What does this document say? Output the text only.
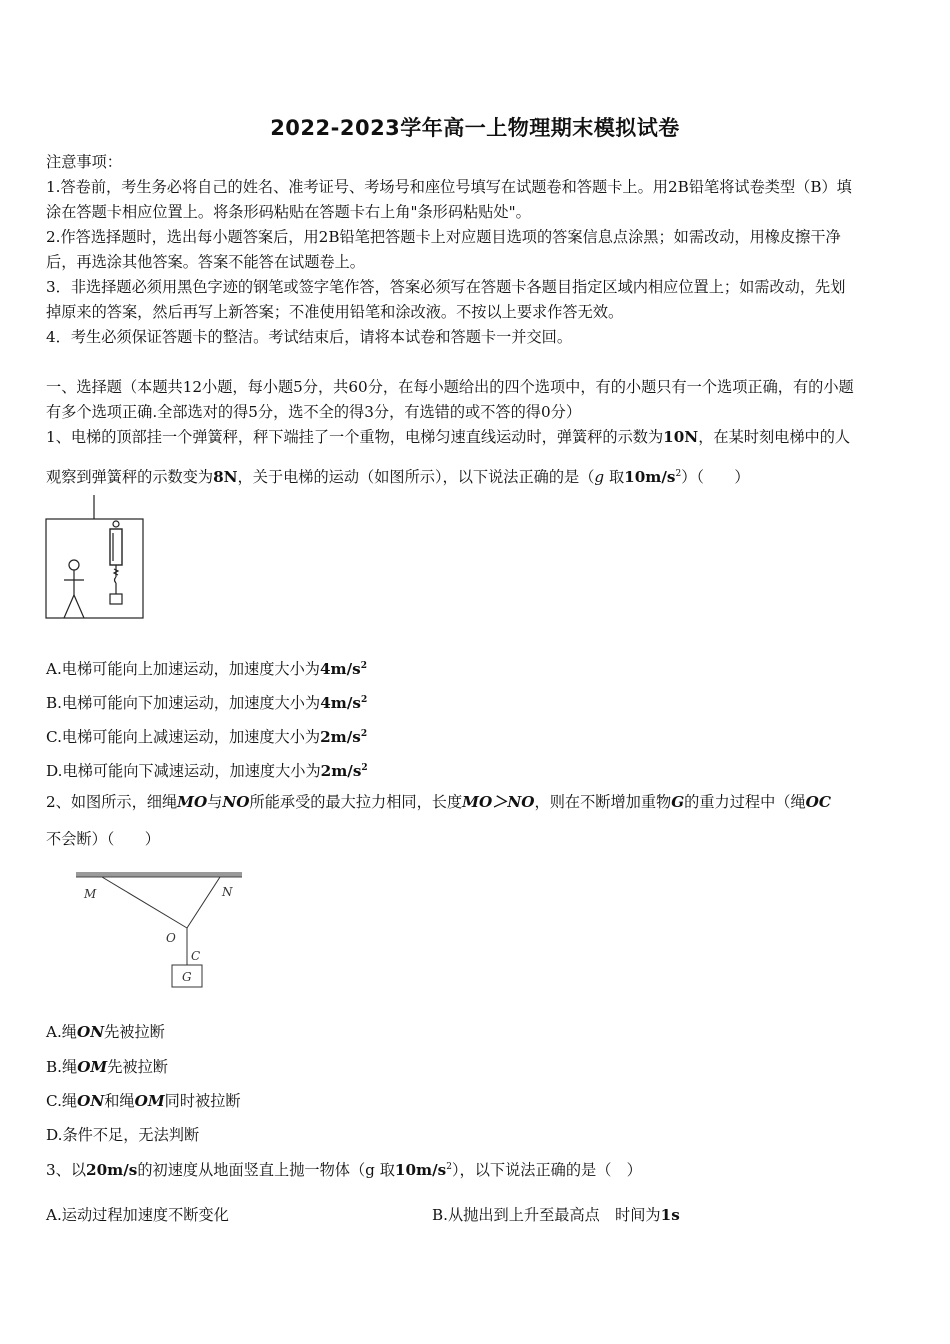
2022-2023学年高一上物理期末模拟试卷
注意事项：
1.答卷前，考生务必将自己的姓名、准考证号、考场号和座位号填写在试题卷和答题卡上。用2B铅笔将试卷类型（B）填
涂在答题卡相应位置上。将条形码粘贴在答题卡右上角"条形码粘贴处"。
2.作答选择题时，选出每小题答案后，用2B铅笔把答题卡上对应题目选项的答案信息点涂黑；如需改动，用橡皮擦干净
后，再选涂其他答案。答案不能答在试题卷上。
3．非选择题必须用黑色字迹的钢笔或签字笔作答，答案必须写在答题卡各题目指定区域内相应位置上；如需改动，先划
掉原来的答案，然后再写上新答案；不准使用铅笔和涂改液。不按以上要求作答无效。
4．考生必须保证答题卡的整洁。考试结束后，请将本试卷和答题卡一并交回。
一、选择题（本题共12小题，每小题5分，共60分，在每小题给出的四个选项中，有的小题只有一个选项正确，有的小题
有多个选项正确.全部选对的得5分，选不全的得3分，有选错的或不答的得0分）
1、电梯的顶部挂一个弹簧秤，秤下端挂了一个重物，电梯匀速直线运动时，弹簧秤的示数为10N，在某时刻电梯中的人
观察到弹簧秤的示数变为8N，关于电梯的运动（如图所示），以下说法正确的是（g 取$10m/s^2$）（　　）
A.电梯可能向上加速运动，加速度大小为$4m/s^2$
B.电梯可能向下加速运动，加速度大小为$4m/s^2$
C.电梯可能向上减速运动，加速度大小为$2m/s^2$
D.电梯可能向下减速运动，加速度大小为$2m/s^2$
2、如图所示，细绳MO与NO所能承受的最大拉力相同，长度MO＞NO，则在不断增加重物G的重力过程中（绳OC
不会断）（　　）
M	N
O
C
G
A.绳ON先被拉断
B.绳OM先被拉断
C.绳ON和绳OM同时被拉断
D.条件不足，无法判断
3、以20m/s的初速度从地面竖直上抛一物体（g 取$10m/s^2$），以下说法正确的是（　）
A.运动过程加速度不断变化	B.从抛出到上升至最高点　时间为1s
